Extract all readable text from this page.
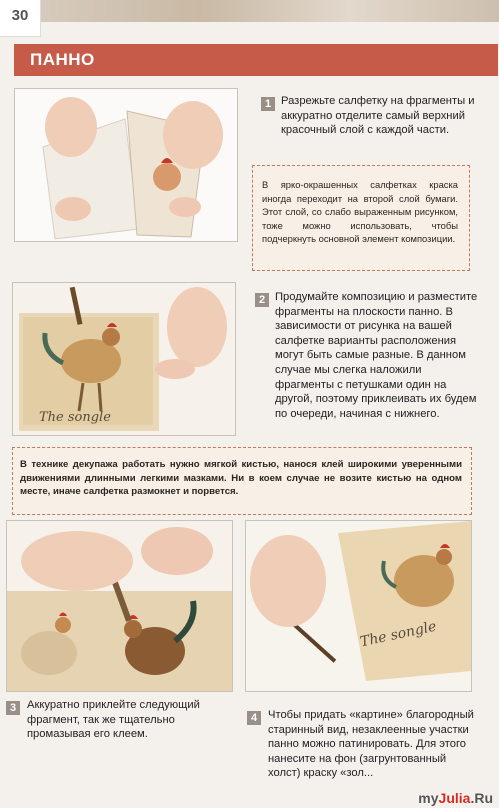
30
ПАННО
1 Разрежьте салфетку на фрагменты и аккуратно отделите самый верхний красочный слой с каждой части.
В ярко-окрашенных салфетках краска иногда переходит на второй слой бумаги. Этот слой, со слабо выраженным рисунком, тоже можно использовать, чтобы подчеркнуть основной элемент композиции.
The songle
2 Продумайте композицию и разместите фрагменты на плоскости панно. В зависимости от рисунка на вашей салфетке варианты расположения могут быть самые разные. В данном случае мы слегка наложили фрагменты с петушками один на другой, поэтому приклеивать их будем по очереди, начиная с нижнего.
В технике декупажа работать нужно мягкой кистью, нанося клей широкими уверенными движениями длинными легкими мазками. Ни в коем случае не возите кистью на одном месте, иначе салфетка размокнет и порвется.
3 Аккуратно приклейте следующий фрагмент, так же тщательно промазывая его клеем.
The songle
4 Чтобы придать «картине» благородный старинный вид, незаклеенные участки панно можно патинировать. Для этого нанесите на фон (загрунтованный холст) краску «зол...
myJulia.Ru
